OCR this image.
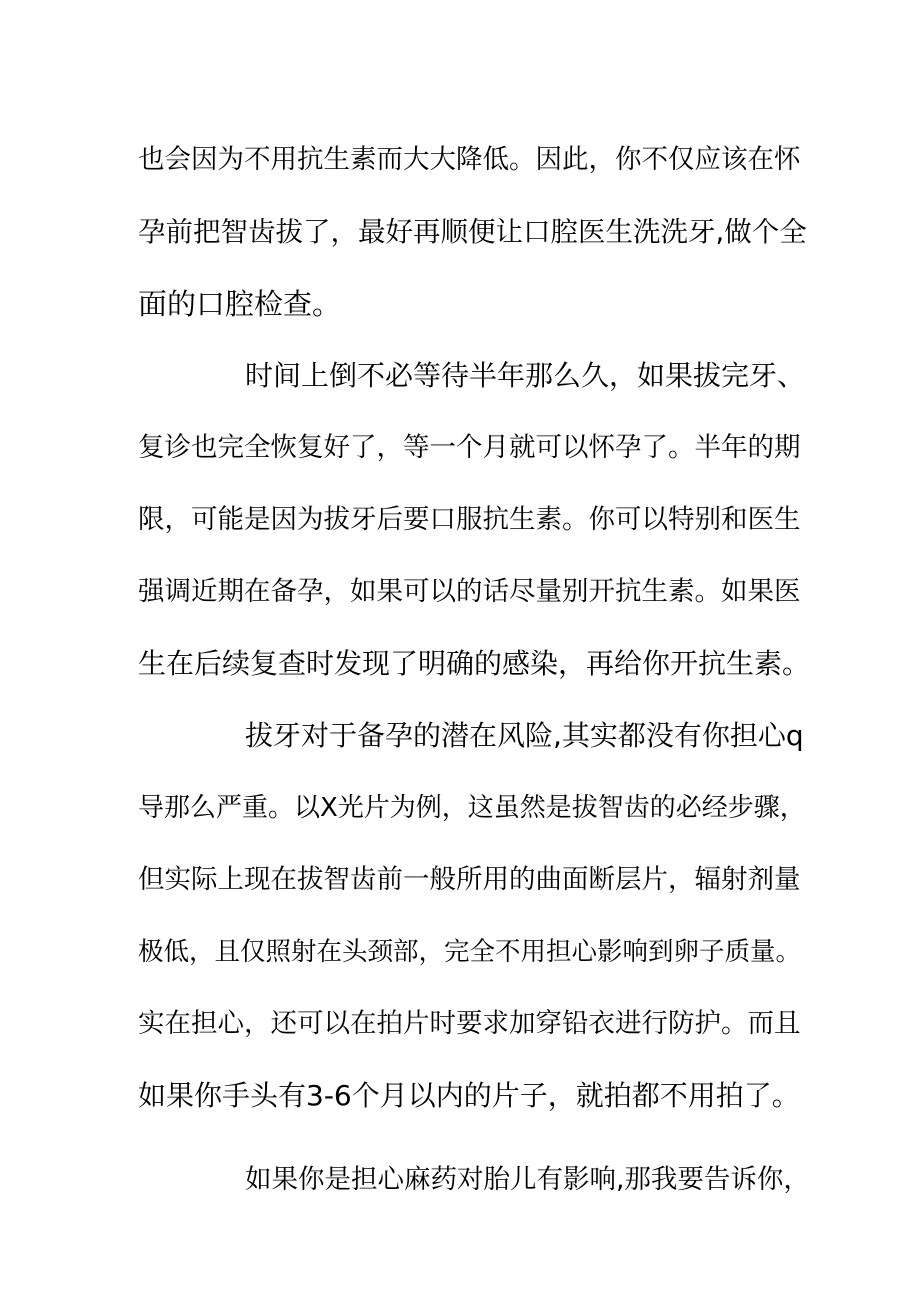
也会因为不用抗生素而大大降低。因此，你不仅应该在怀
孕前把智齿拔了，最好再顺便让口腔医生洗洗牙,做个全
面的口腔检查。
时间上倒不必等待半年那么久，如果拔完牙、
复诊也完全恢复好了，等一个月就可以怀孕了。半年的期
限，可能是因为拔牙后要口服抗生素。你可以特别和医生
强调近期在备孕，如果可以的话尽量别开抗生素。如果医
生在后续复查时发现了明确的感染，再给你开抗生素。
拔牙对于备孕的潜在风险,其实都没有你担心q
导那么严重。以X光片为例，这虽然是拔智齿的必经步骤，
但实际上现在拔智齿前一般所用的曲面断层片，辐射剂量
极低，且仅照射在头颈部，完全不用担心影响到卵子质量。
实在担心，还可以在拍片时要求加穿铅衣进行防护。而且
如果你手头有3-6个月以内的片子，就拍都不用拍了。
如果你是担心麻药对胎儿有影响,那我要告诉你，
